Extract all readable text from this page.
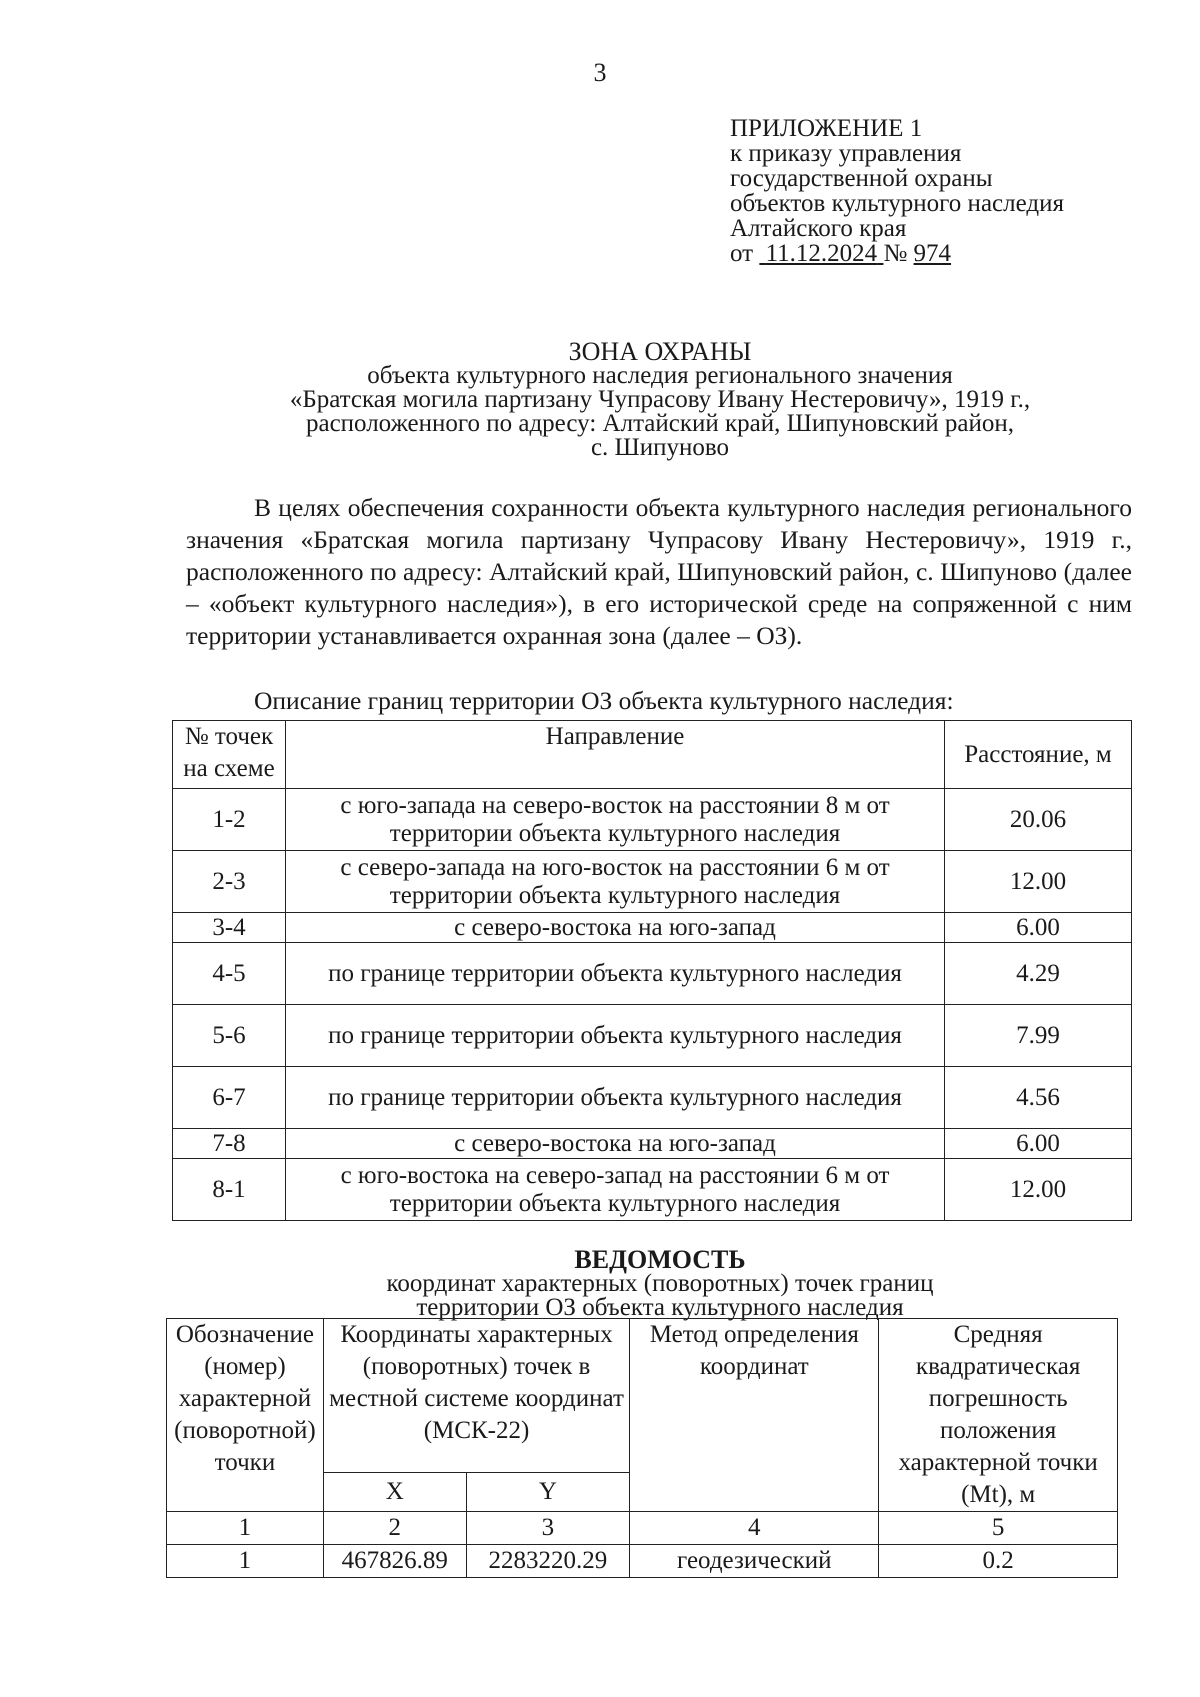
3
ПРИЛОЖЕНИЕ 1
к приказу управления
государственной охраны
объектов культурного наследия
Алтайского края
от 11.12.2024 № 974
ЗОНА ОХРАНЫ
объекта культурного наследия регионального значения
«Братская могила партизану Чупрасову Ивану Нестеровичу», 1919 г.,
расположенного по адресу: Алтайский край, Шипуновский район,
с. Шипуново
В целях обеспечения сохранности объекта культурного наследия регионального значения «Братская могила партизану Чупрасову Ивану Нестеровичу», 1919 г., расположенного по адресу: Алтайский край, Шипуновский район, с. Шипуново (далее – «объект культурного наследия»), в его исторической среде на сопряженной с ним территории устанавливается охранная зона (далее – ОЗ).
Описание границ территории ОЗ объекта культурного наследия:
№ точек на схеме	Направление	Расстояние, м
1-2	с юго-запада на северо-восток на расстоянии 8 м от территории объекта культурного наследия	20.06
2-3	с северо-запада на юго-восток на расстоянии 6 м от территории объекта культурного наследия	12.00
3-4	с северо-востока на юго-запад	6.00
4-5	по границе территории объекта культурного наследия	4.29
5-6	по границе территории объекта культурного наследия	7.99
6-7	по границе территории объекта культурного наследия	4.56
7-8	с северо-востока на юго-запад	6.00
8-1	с юго-востока на северо-запад на расстоянии 6 м от территории объекта культурного наследия	12.00
ВЕДОМОСТЬ
координат характерных (поворотных) точек границ
территории ОЗ объекта культурного наследия
Обозначение (номер) характерной (поворотной) точки	Координаты характерных (поворотных) точек в местной системе координат (МСК-22)		Метод определения координат	Средняя квадратическая погрешность положения характерной точки (Mt), м
	X	Y		
1	2	3	4	5
1	467826.89	2283220.29	геодезический	0.2
